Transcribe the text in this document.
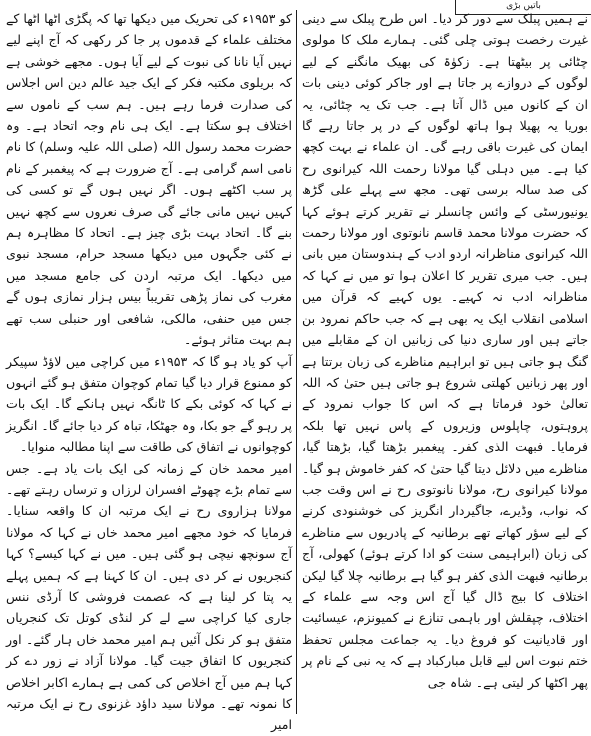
باتیں بڑی

نے ہمیں پبلک سے دور کر دیا۔ اس طرح پبلک سے دینی غیرت رخصت ہوتی چلی گئی۔ ہمارے ملک کا مولوی چٹائی پر بیٹھتا ہے۔ زکوٰۃ کی بھیک مانگنے کے لیے لوگوں کے دروازے پر جاتا ہے اور جاکر کوئی دینی بات ان کے کانوں میں ڈال آتا ہے۔ جب تک یہ چٹائی، یہ بوریا یہ پھیلا ہوا ہاتھ لوگوں کے در پر جاتا رہے گا ایمان کی غیرت باقی رہے گی۔ ان علماء نے بہت کچھ کیا ہے۔ میں دہلی گیا مولانا رحمت اللہ کیرانوی رح کی صد سالہ برسی تھی۔ مجھ سے پہلے علی گڑھ یونیورسٹی کے وائس چانسلر نے تقریر کرتے ہوئے کہا کہ حضرت مولانا محمد قاسم نانوتوی اور مولانا رحمت اللہ کیرانوی مناظرانہ اردو ادب کے ہندوستان میں بانی ہیں۔ جب میری تقریر کا اعلان ہوا تو میں نے کہا کہ مناظرانہ ادب نہ کہیے۔ یوں کہیے کہ قرآن میں اسلامی انقلاب ایک یہ بھی ہے کہ جب حاکم نمرود بن جاتے ہیں اور ساری دنیا کی زبانیں ان کے مقابلے میں گنگ ہو جاتی ہیں تو ابراہیم مناظرے کی زبان برتتا ہے اور پھر زبانیں کھلتی شروع ہو جاتی ہیں حتیٰ کہ اللہ تعالیٰ خود فرماتا ہے کہ اس کا جواب نمرود کے پروہتوں، چاپلوس وزیروں کے پاس نہیں تھا بلکہ فرمایا۔ فبھت الذی کفر۔ پیغمبر بڑھتا گیا، بڑھتا گیا، مناظرے میں دلائل دیتا گیا حتیٰ کہ کفر خاموش ہو گیا۔ مولانا کیرانوی رح، مولانا نانوتوی رح نے اس وقت جب کہ نواب، وڈیرے، جاگیردار انگریز کی خوشنودی کرنے کے لیے سؤر کھاتے تھے برطانیہ کے پادریوں سے مناظرے کی زبان (ابراہیمی سنت کو ادا کرتے ہوئے) کھولی، آج برطانیہ فبھت الذی کفر ہو گیا ہے برطانیہ چلا گیا لیکن اختلاف کا بیج ڈال گیا آج اس وجہ سے علماء کے اختلاف، چپقلش اور باہمی تنازع نے کمیونزم، عیسائیت اور قادیانیت کو فروغ دیا۔ یہ جماعت مجلس تحفظ ختم نبوت اس لیے قابل مبارکباد ہے کہ یہ نبی کے نام پر پھر اکٹھا کر لیتی ہے۔ شاہ جی

کو ۱۹۵۳ء کی تحریک میں دیکھا تھا کہ پگڑی اٹھا اٹھا کے مختلف علماء کے قدموں پر جا کر رکھی کہ آج اپنے لیے نہیں آیا نانا کی نبوت کے لیے آیا ہوں۔ مجھے خوشی ہے کہ بریلوی مکتبہ فکر کے ایک جید عالم دین اس اجلاس کی صدارت فرما رہے ہیں۔ ہم سب کے ناموں سے اختلاف ہو سکتا ہے۔ ایک ہی نام وجہ اتحاد ہے۔ وہ حضرت محمد رسول اللہ (صلی اللہ علیہ وسلم) کا نام نامی اسم گرامی ہے۔ آج ضرورت ہے کہ پیغمبر کے نام پر سب اکٹھے ہوں۔ اگر نہیں ہوں گے تو کسی کی کہیں نہیں مانی جائے گی صرف نعروں سے کچھ نہیں بنے گا۔ اتحاد بہت بڑی چیز ہے۔ اتحاد کا مظاہرہ ہم نے کئی جگہوں میں دیکھا مسجد حرام، مسجد نبوی میں دیکھا۔ ایک مرتبہ اردن کی جامع مسجد میں مغرب کی نماز پڑھی تقریباً بیس ہزار نمازی ہوں گے جس میں حنفی، مالکی، شافعی اور حنبلی سب تھے ہم بہت متاثر ہوئے۔

آپ کو یاد ہو گا کہ ۱۹۵۳ء میں کراچی میں لاؤڈ سپیکر کو ممنوع قرار دیا گیا تمام کوچوان متفق ہو گئے انہوں نے کہا کہ کوئی بکے کا ٹانگہ نہیں ہانکے گا۔ ایک بات پر رہو گے جو بکا، وہ جھٹکا، تباہ کر دیا جائے گا۔ انگریز کوچوانوں نے اتفاق کی طاقت سے اپنا مطالبہ منوایا۔

امیر محمد خان کے زمانہ کی ایک بات یاد ہے۔ جس سے تمام بڑے چھوٹے افسران لرزاں و ترساں رہتے تھے۔ مولانا ہزاروی رح نے ایک مرتبہ ان کا واقعہ سنایا۔ فرمایا کہ خود مجھے امیر محمد خاں نے کہا کہ مولانا آج سونچھ نیچی ہو گئی ہیں۔ میں نے کہا کیسے؟ کہا کنجریوں نے کر دی ہیں۔ ان کا کہنا ہے کہ ہمیں پہلے یہ پتا کر لینا ہے کہ عصمت فروشی کا آرڈی ننس جاری کیا کراچی سے لے کر لنڈی کوتل تک کنجریاں متفق ہو کر نکل آئیں ہم امیر محمد خاں ہار گئے۔ اور کنجریوں کا اتفاق جیت گیا۔ مولانا آزاد نے زور دے کر کہا ہم میں آج اخلاص کی کمی ہے ہمارے اکابر اخلاص کا نمونہ تھے۔ مولانا سید داؤد غزنوی رح نے ایک مرتبہ امیر
